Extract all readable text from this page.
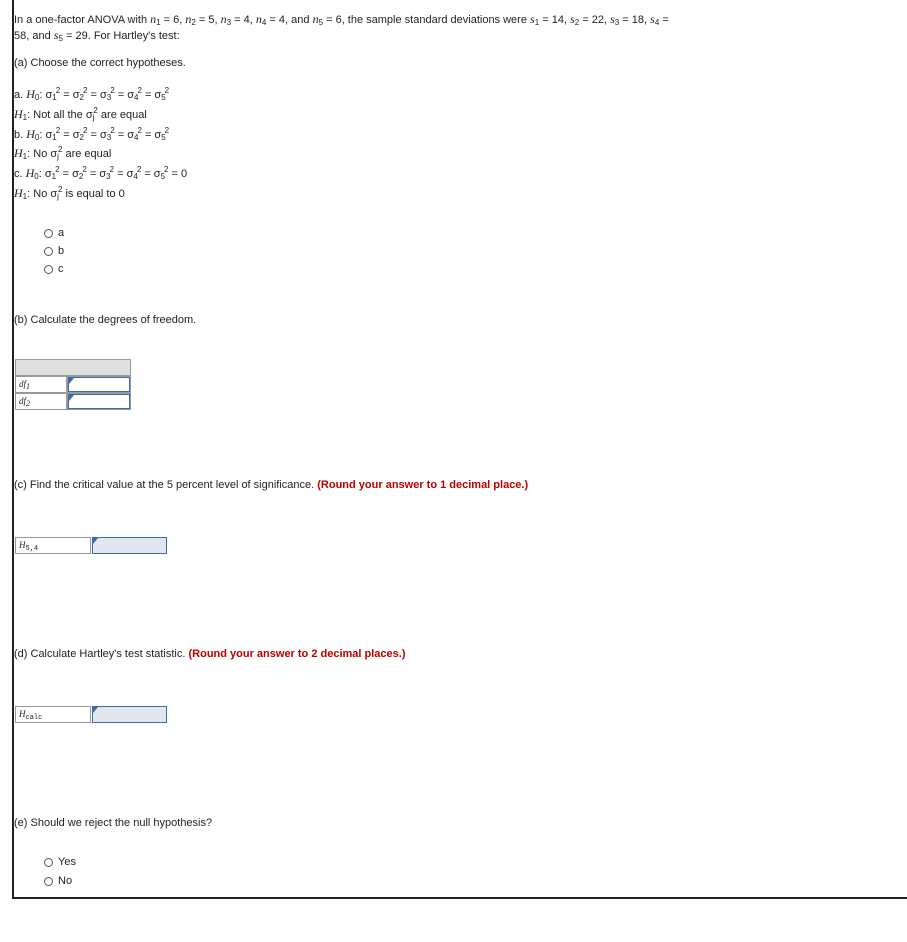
In a one-factor ANOVA with $n_1 = 6$, $n_2 = 5$, $n_3 = 4$, $n_4 = 4$, and $n_5 = 6$, the sample standard deviations were $s_1 = 14$, $s_2 = 22$, $s_3 = 18$, $s_4$ =
58, and $s_5 = 29$. For Hartley's test:
(a) Choose the correct hypotheses.
a. $H_0$: $\sigma_1^2 = \sigma_2^2 = \sigma_3^2 = \sigma_4^2 = \sigma_5^2$
$H_1$: Not all the $\sigma_j^2$ are equal
b. $H_0$: $\sigma_1^2 = \sigma_2^2 = \sigma_3^2 = \sigma_4^2 = \sigma_5^2$
$H_1$: No $\sigma_j^2$ are equal
c. $H_0$: $\sigma_1^2 = \sigma_2^2 = \sigma_3^2 = \sigma_4^2 = \sigma_5^2 = 0$
$H_1$: No $\sigma_j^2$ is equal to 0
a
b
c
(b) Calculate the degrees of freedom.
df1
df2
(c) Find the critical value at the 5 percent level of significance. (Round your answer to 1 decimal place.)
$H_{5,4}$
(d) Calculate Hartley's test statistic. (Round your answer to 2 decimal places.)
$H_{calc}$
(e) Should we reject the null hypothesis?
Yes
No
